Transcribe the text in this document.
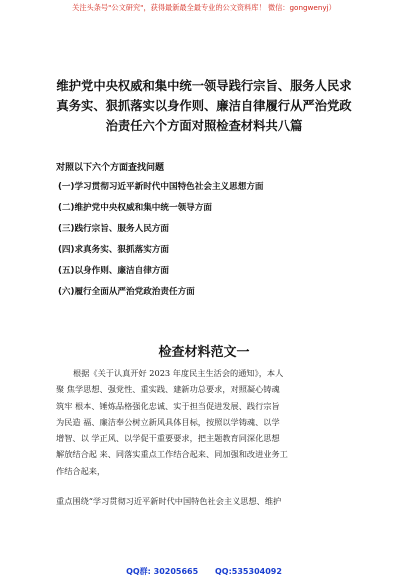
关注头条号"公文研究"，获得最新最全最专业的公文资料库！ 微信：gongwenyj）
维护党中央权威和集中统一领导践行宗旨、服务人民求
真务实、狠抓落实以身作则、廉洁自律履行从严治党政
治责任六个方面对照检查材料共八篇
对照以下六个方面查找问题
(一)学习贯彻习近平新时代中国特色社会主义思想方面
(二)维护党中央权威和集中统一领导方面
(三)践行宗旨、服务人民方面
(四)求真务实、狠抓落实方面
(五)以身作则、廉洁自律方面
(六)履行全面从严治党政治责任方面
检查材料范文一
根据《关于认真开好 2023 年度民主生活会的通知》，本人
聚 焦学思想、强党性、重实践、建新功总要求，对照凝心铸魂
筑牢 根本、锤炼品格强化忠诚、实于担当促进发展、践行宗旨
为民造 福、廉洁奉公树立新风具体目标，按照以学铸魂、以学
增智、以 学正风、以学促干重要要求，把主题教育同深化思想
解放结合起 来、同落实重点工作结合起来、同加强和改进业务工
作结合起来，
重点围绕“学习贯彻习近平新时代中国特色社会主义思想、维护
QQ群: 30205665 QQ:535304092
